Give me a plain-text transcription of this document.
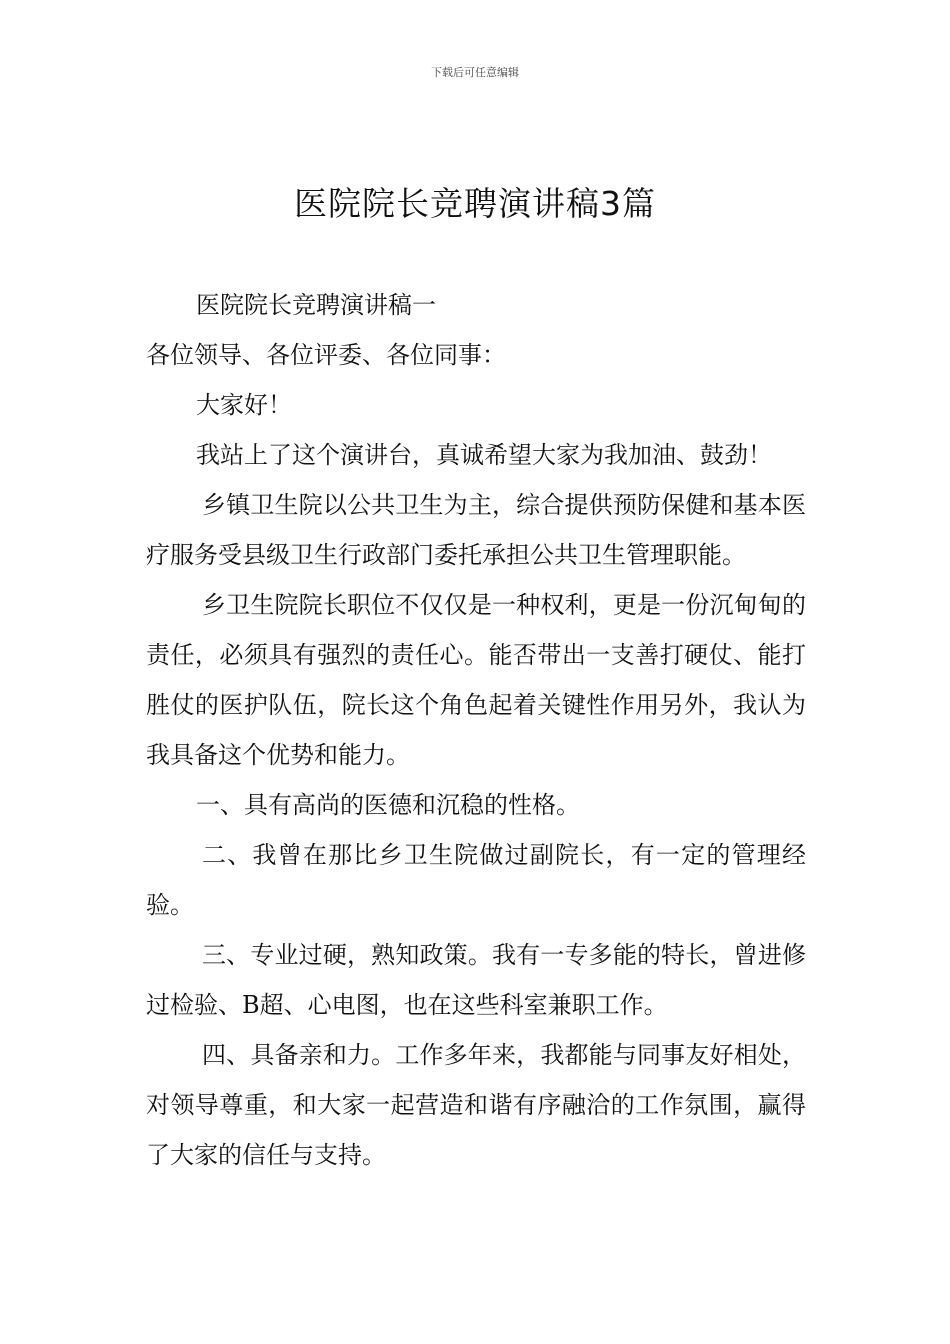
下载后可任意编辑
医院院长竞聘演讲稿3篇

医院院长竞聘演讲稿一

各位领导、各位评委、各位同事：

大家好！

我站上了这个演讲台，真诚希望大家为我加油、鼓劲！

乡镇卫生院以公共卫生为主，综合提供预防保健和基本医疗服务受县级卫生行政部门委托承担公共卫生管理职能。

乡卫生院院长职位不仅仅是一种权利，更是一份沉甸甸的责任，必须具有强烈的责任心。能否带出一支善打硬仗、能打胜仗的医护队伍，院长这个角色起着关键性作用另外，我认为我具备这个优势和能力。

一、具有高尚的医德和沉稳的性格。

二、我曾在那比乡卫生院做过副院长，有一定的管理经验。

三、专业过硬，熟知政策。我有一专多能的特长，曾进修过检验、B超、心电图，也在这些科室兼职工作。

四、具备亲和力。工作多年来，我都能与同事友好相处，对领导尊重，和大家一起营造和谐有序融洽的工作氛围，赢得了大家的信任与支持。
